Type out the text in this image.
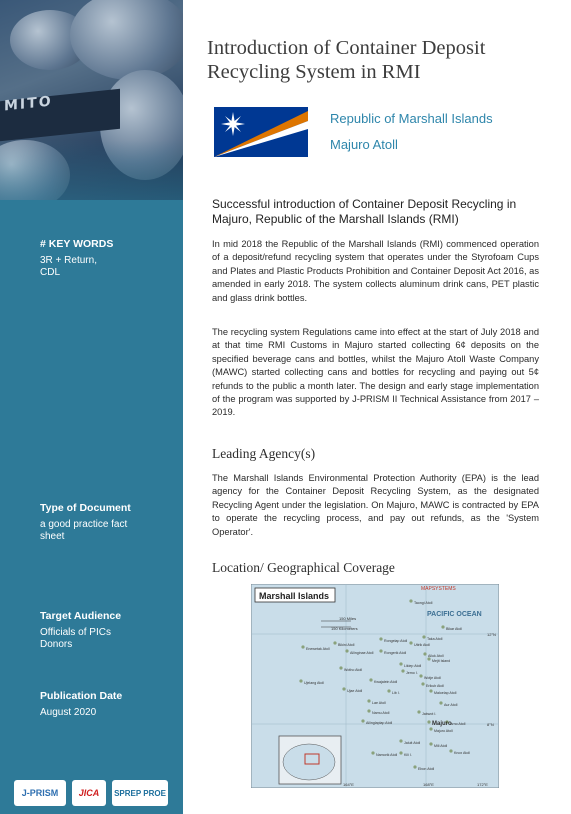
MITO
# KEY WORDS
3R + Return, CDL
Type of Document
a good practice fact sheet
Target Audience
Officials of PICs
Donors
Publication Date
August 2020
J-PRISM	JICA	SPREP PROE
Introduction of Container Deposit Recycling System in RMI
Republic of Marshall Islands
Majuro Atoll
Successful introduction of Container Deposit Recycling in Majuro, Republic of the Marshall Islands (RMI)
In mid 2018 the Republic of the Marshall Islands (RMI) commenced operation of a deposit/refund recycling system that operates under the Styrofoam Cups and Plates and Plastic Products Prohibition and Container Deposit Act 2016, as amended in early 2018. The system collects aluminum drink cans, PET plastic and glass drink bottles.
The recycling system Regulations came into effect at the start of July 2018 and at that time RMI Customs in Majuro started collecting 6¢ deposits on the specified beverage cans and bottles, whilst the Majuro Atoll Waste Company (MAWC) started collecting cans and bottles for recycling and paying out 5¢ refunds to the public a month later. The design and early stage implementation of the program was supported by J-PRISM II Technical Assistance from 2017 – 2019.
Leading Agency(s)
The Marshall Islands Environmental Protection Authority (EPA) is the lead agency for the Container Deposit Recycling System, as the designated Recycling Agent under the legislation. On Majuro, MAWC is contracted by EPA to operate the recycling process, and pay out refunds, as the 'System Operator'.
Location/ Geographical Coverage
Marshall Islands
MAPSYSTEMS
PACIFIC OCEAN
150 Miles
150 Kilometers
Taongi Atoll
Bikar Atoll
Bikini Atoll
Rongelap Atoll
Rongerik Atoll
Ailinginae Atoll
Enewetak Atoll
Utirik Atoll
Taka Atoll
Ailuk Atoll
Mejit Island
Likiep Atoll
Wotho Atoll
Ujae Atoll
Kwajalein Atoll
Wotje Atoll
Erikub Atoll
Maloelap Atoll
Ujelang Atoll
Lae Atoll
Namu Atoll	Jabwot I.
Aur Atoll
Ailinglaplap Atoll	Majuro
Arno Atoll
Majuro Atoll
Jaluit Atoll
Mili Atoll
Knox Atoll
Ebon Atoll
Kili I.
Namorik Atoll
Lib I.
Jemo I.
12°N
8°N
164°E	168°E	172°E
